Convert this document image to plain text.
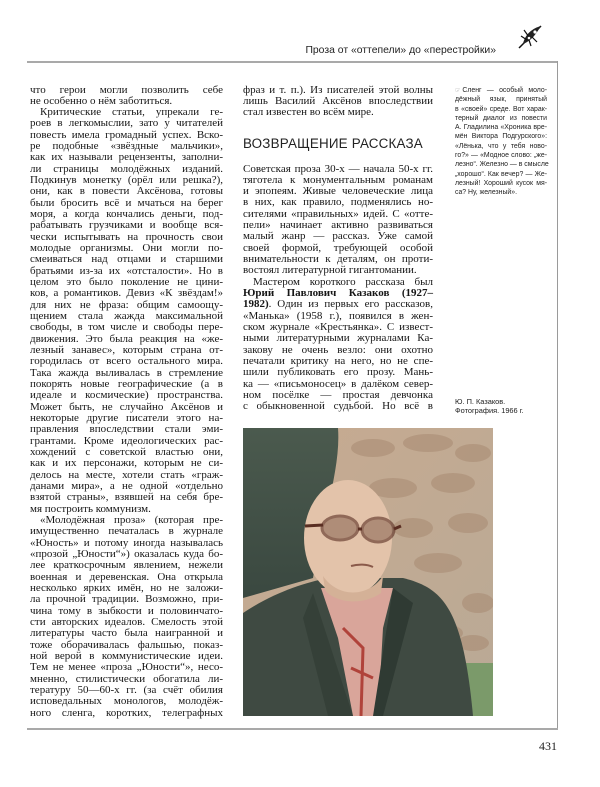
Проза от «оттепели» до «перестройки»
что герои могли позволить себе
не особенно о нём заботиться.
Критические статьи, упрекали ге-
роев в легкомыслии, зато у читателей
повесть имела громадный успех. Вско-
ре подобные «звёздные мальчики»,
как их называли рецензенты, заполни-
ли страницы молодёжных изданий.
Подкинув монетку (орёл или решка?),
они, как в повести Аксёнова, готовы
были бросить всё и мчаться на берег
моря, а когда кончались деньги, под-
рабатывать грузчиками и вообще вся-
чески испытывать на прочность свои
молодые организмы. Они могли по-
смеиваться над отцами и старшими
братьями из-за их «отсталости». Но в
целом это было поколение не цини-
ков, а романтиков. Девиз «К звёздам!»
для них не фраза: общим самоощу-
щением стала жажда максимальной
свободы, в том числе и свободы пере-
движения. Это была реакция на «же-
лезный занавес», которым страна от-
городилась от всего остального мира.
Така жажда выливалась в стремление
покорять новые географические (а в
идеале и космические) пространства.
Может быть, не случайно Аксёнов и
некоторые другие писатели этого на-
правления впоследствии стали эми-
грантами. Кроме идеологических рас-
хождений с советской властью они,
как и их персонажи, которым не си-
делось на месте, хотели стать «граж-
данами мира», а не одной «отдельно
взятой страны», взявшей на себя бре-
мя построить коммунизм.
«Молодёжная проза» (которая пре-
имущественно печаталась в журнале
«Юность» и потому иногда называлась
«прозой „Юности“») оказалась куда бо-
лее краткосрочным явлением, нежели
военная и деревенская. Она открыла
несколько ярких имён, но не заложи-
ла прочной традиции. Возможно, при-
чина тому в зыбкости и половинчато-
сти авторских идеалов. Смелость этой
литературы часто была наигранной и
тоже оборачивалась фальшью, показ-
ной верой в коммунистические идеи.
Тем не менее «проза „Юности“», несо-
мненно, стилистически обогатила ли-
тературу 50—60-х гг. (за счёт обилия
исповедальных монологов, молодёж-
ного сленга, коротких, телеграфных
фраз и т. п.). Из писателей этой волны
лишь Василий Аксёнов впоследствии
стал известен во всём мире.
ВОЗВРАЩЕНИЕ РАССКАЗА
Советская проза 30-х — начала 50-х гг.
тяготела к монументальным романам
и эпопеям. Живые человеческие лица
в них, как правило, подменялись но-
сителями «правильных» идей. С «отте-
пели» начинает активно развиваться
малый жанр — рассказ. Уже самой
своей формой, требующей особой
внимательности к деталям, он проти-
востоял литературной гигантомании.
Мастером короткого рассказа был
Юрий Павлович Казаков (1927–
1982). Один из первых его рассказов,
«Манька» (1958 г.), появился в жен-
ском журнале «Крестьянка». С извест-
ными литературными журналами Ка-
закову не очень везло: они охотно
печатали критику на него, но не спе-
шили публиковать его прозу. Мань-
ка — «письмоносец» в далёком север-
ном посёлке — простая девчонка
с обыкновенной судьбой. Но всё в
☞ Сленг — особый моло-
дёжный язык, принятый
в «своей» среде. Вот харак-
терный диалог из повести
А. Гладилина «Хроника вре-
мён Виктора Подгурского»:
«Лёнька, что у тебя ново-
го?» — «Модное слово: „же-
лезно“. Железно — в смысле
„хорошо“. Как вечер? — Же-
лезный! Хороший кусок мя-
са? Ну, железный».
Ю. П. Казаков.
Фотография. 1966 г.
431
